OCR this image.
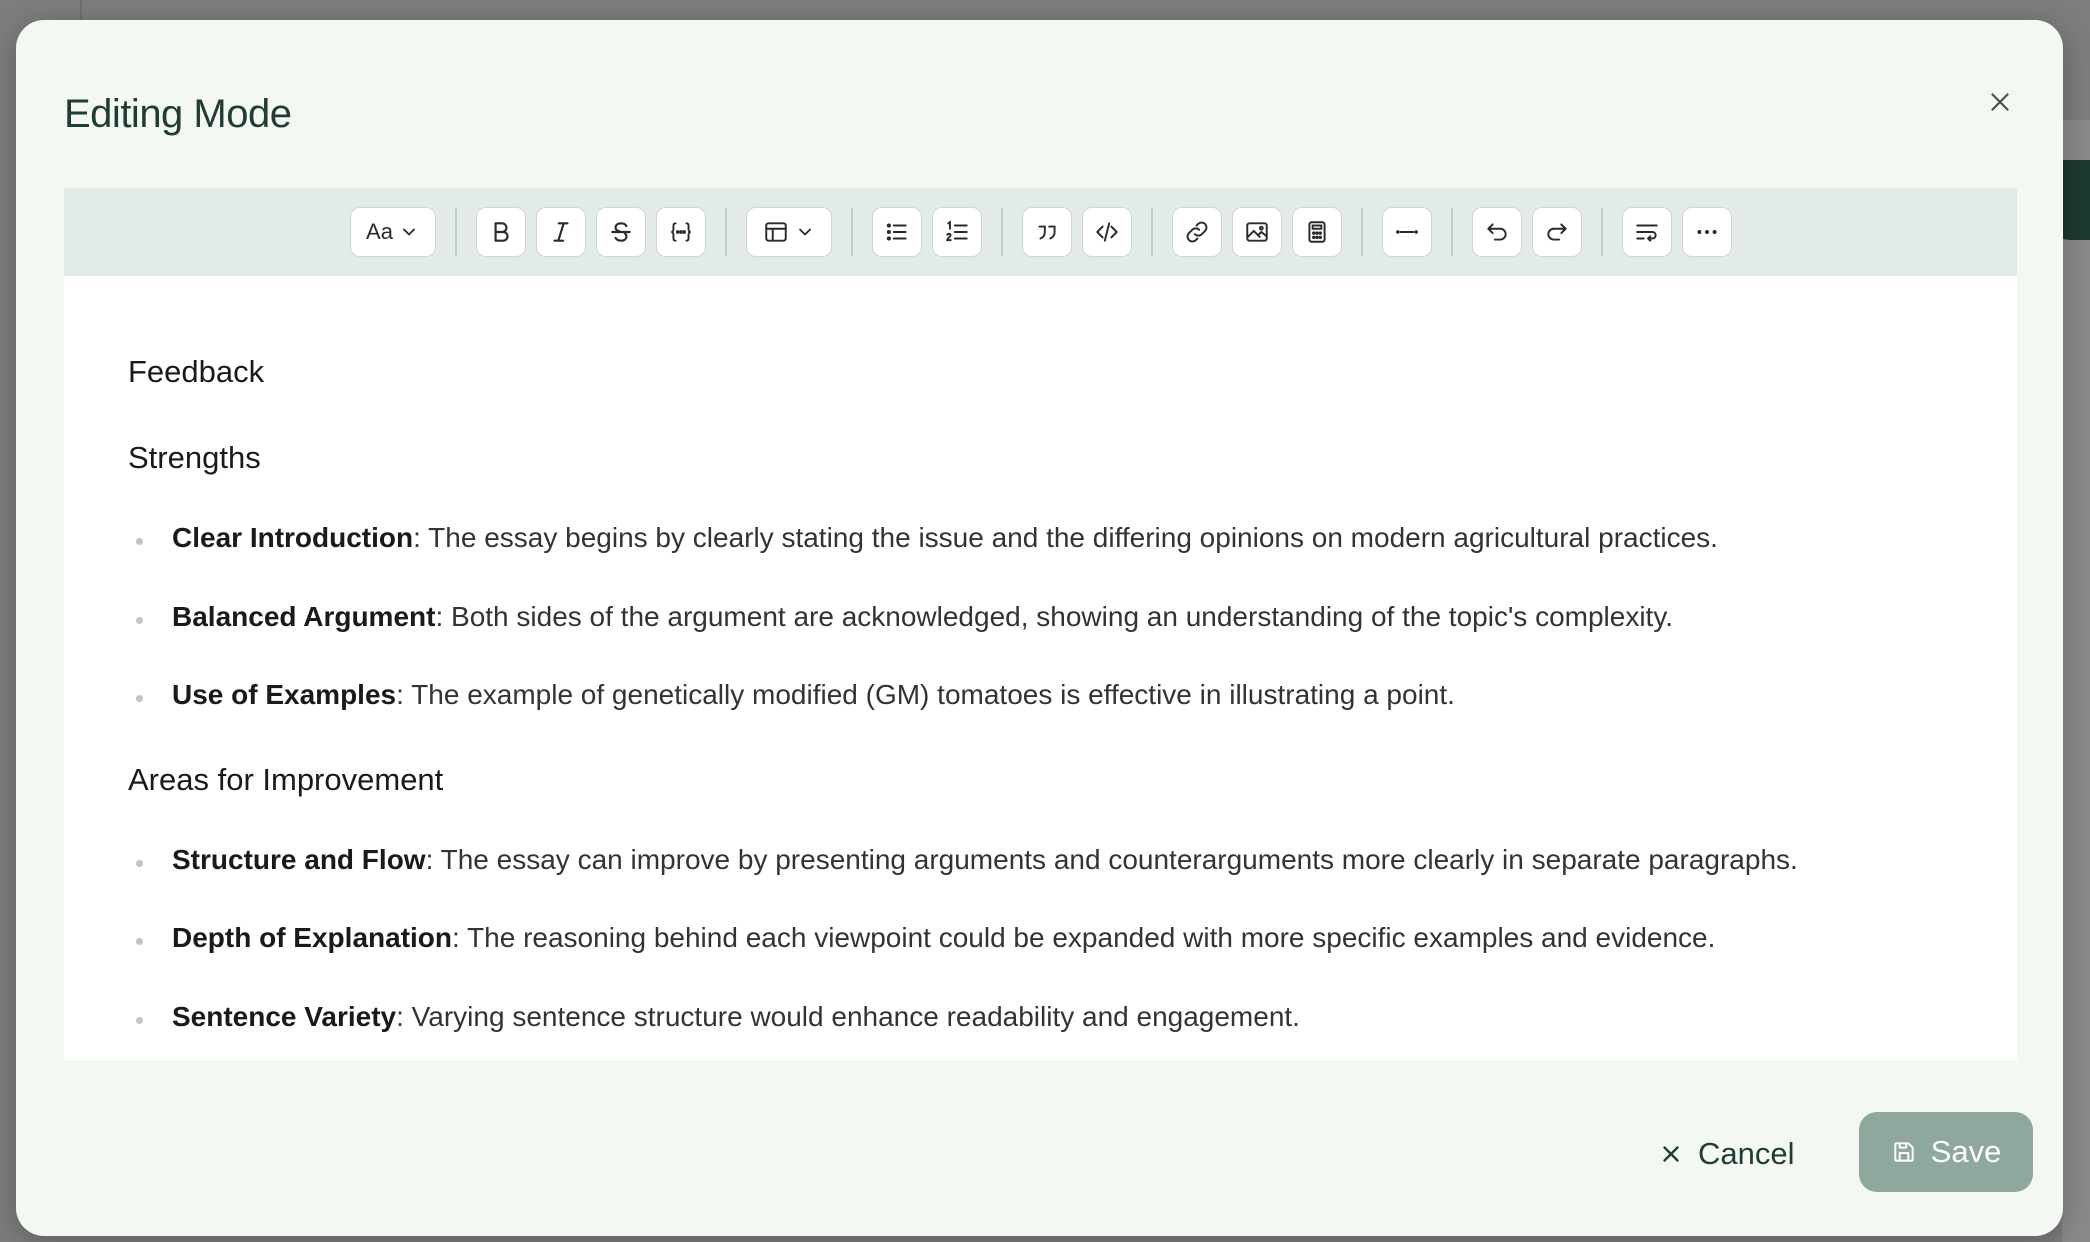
Editing Mode
Aa
Feedback
Strengths
Clear Introduction: The essay begins by clearly stating the issue and the differing opinions on modern agricultural practices.
Balanced Argument: Both sides of the argument are acknowledged, showing an understanding of the topic's complexity.
Use of Examples: The example of genetically modified (GM) tomatoes is effective in illustrating a point.
Areas for Improvement
Structure and Flow: The essay can improve by presenting arguments and counterarguments more clearly in separate paragraphs.
Depth of Explanation: The reasoning behind each viewpoint could be expanded with more specific examples and evidence.
Sentence Variety: Varying sentence structure would enhance readability and engagement.
Cancel	Save
